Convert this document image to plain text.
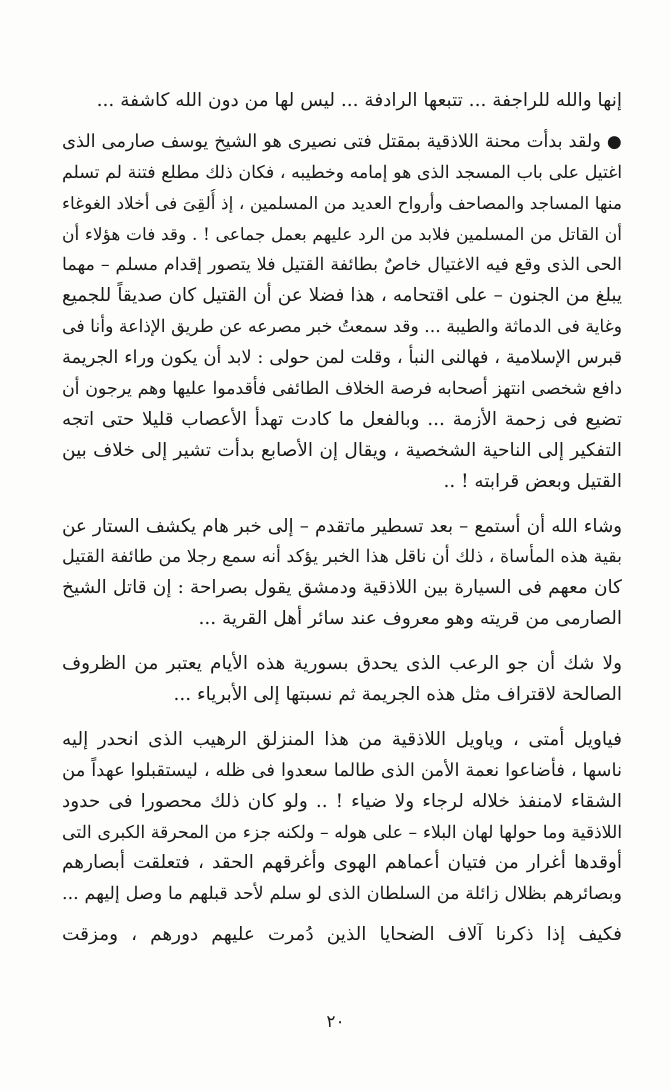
إنها والله للراجفة ... تتبعها الرادفة ... ليس لها من دون الله كاشفة ...
●ولقد بدأت محنة اللاذقية بمقتل فتى نصيرى هو الشيخ يوسف صارمى الذى
اغتيل على باب المسجد الذى هو إمامه وخطيبه ، فكان ذلك مطلع فتنة لم تسلم
منها المساجد والمصاحف وأرواح العديد من المسلمين ، إذ أُلقِىَ فى أخلاد الغوغاء
أن القاتل من المسلمين فلابد من الرد عليهم بعمل جماعى ! . وقد فات هؤلاء أن
الحى الذى وقع فيه الاغتيال خاصٌ بطائفة القتيل فلا يتصور إقدام مسلم – مهما
يبلغ من الجنون – على اقتحامه ، هذا فضلا عن أن القتيل كان صديقاً للجميع
وغاية فى الدماثة والطيبة ... وقد سمعتُ خبر مصرعه عن طريق الإذاعة وأنا فى
قبرس الإسلامية ، فهالنى النبأ ، وقلت لمن حولى : لابد أن يكون وراء الجريمة
دافع شخصى انتهز أصحابه فرصة الخلاف الطائفى فأقدموا عليها وهم يرجون أن
تضيع فى زحمة الأزمة ... وبالفعل ما كادت تهدأ الأعصاب قليلا حتى اتجه
التفكير إلى الناحية الشخصية ، ويقال إن الأصابع بدأت تشير إلى خلاف بين
القتيل وبعض قرابته ! ..
وشاء الله أن أستمع – بعد تسطير ماتقدم – إلى خبر هام يكشف الستار عن
بقية هذه المأساة ، ذلك أن ناقل هذا الخبر يؤكد أنه سمع رجلا من طائفة القتيل
كان معهم فى السيارة بين اللاذقية ودمشق يقول بصراحة : إن قاتل الشيخ
الصارمى من قريته وهو معروف عند سائر أهل القرية ...
ولا شك أن جو الرعب الذى يحدق بسورية هذه الأيام يعتبر من الظروف
الصالحة لاقتراف مثل هذه الجريمة ثم نسبتها إلى الأبرياء ...
فياويل أمتى ، وياويل اللاذقية من هذا المنزلق الرهيب الذى انحدر إليه
ناسها ، فأضاعوا نعمة الأمن الذى طالما سعدوا فى ظله ، ليستقبلوا عهداً من
الشقاء لامنفذ خلاله لرجاء ولا ضياء ! .. ولو كان ذلك محصورا فى حدود
اللاذقية وما حولها لهان البلاء – على هوله – ولكنه جزء من المحرقة الكبرى التى
أوقدها أغرار من فتيان أعماهم الهوى وأغرقهم الحقد ، فتعلقت أبصارهم
وبصائرهم بظلال زائلة من السلطان الذى لو سلم لأحد قبلهم ما وصل إليهم ...
فكيف إذا ذكرنا آلاف الضحايا الذين دُمرت عليهم دورهم ، ومزقت
٢٠
